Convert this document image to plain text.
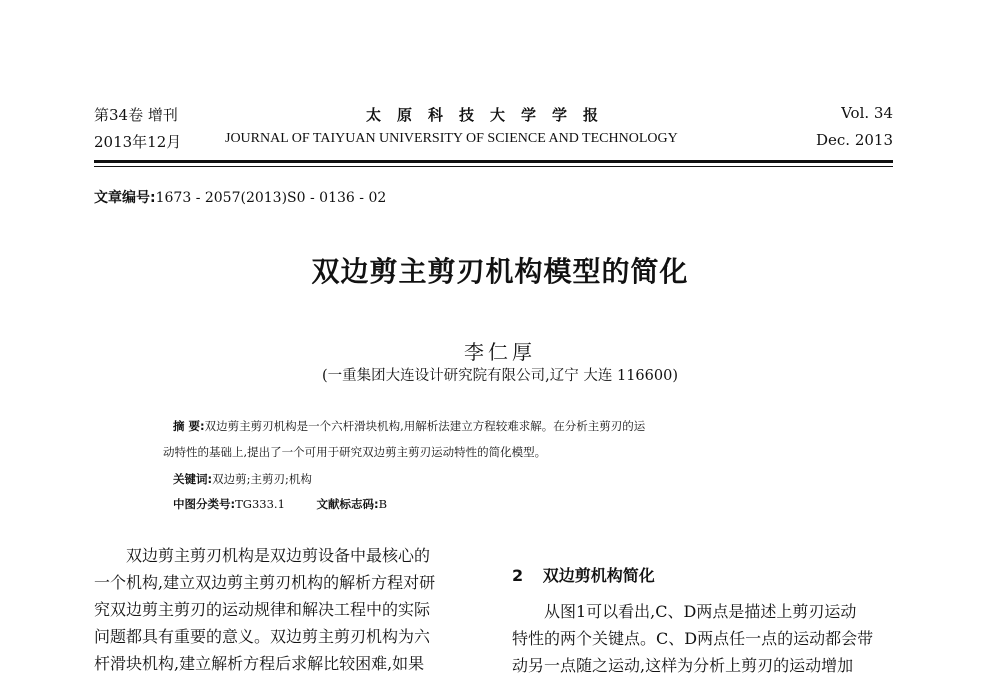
第34卷 增刊	太原科技大学学报	Vol. 34
2013年12月	JOURNAL OF TAIYUAN UNIVERSITY OF SCIENCE AND TECHNOLOGY	Dec. 2013
文章编号:1673 - 2057(2013)S0 - 0136 - 02
双边剪主剪刃机构模型的简化
李仁厚
(一重集团大连设计研究院有限公司,辽宁 大连 116600)
摘 要:双边剪主剪刃机构是一个六杆滑块机构,用解析法建立方程较难求解。在分析主剪刃的运
动特性的基础上,提出了一个可用于研究双边剪主剪刃运动特性的简化模型。
关键词:双边剪;主剪刃;机构
中图分类号:TG333.1	文献标志码:B
双边剪主剪刃机构是双边剪设备中最核心的
一个机构,建立双边剪主剪刃机构的解析方程对研
究双边剪主剪刃的运动规律和解决工程中的实际
问题都具有重要的意义。双边剪主剪刃机构为六
杆滑块机构,建立解析方程后求解比较困难,如果
2 双边剪机构简化
从图1可以看出,C、D两点是描述上剪刃运动
特性的两个关键点。C、D两点任一点的运动都会带
动另一点随之运动,这样为分析上剪刃的运动增加
